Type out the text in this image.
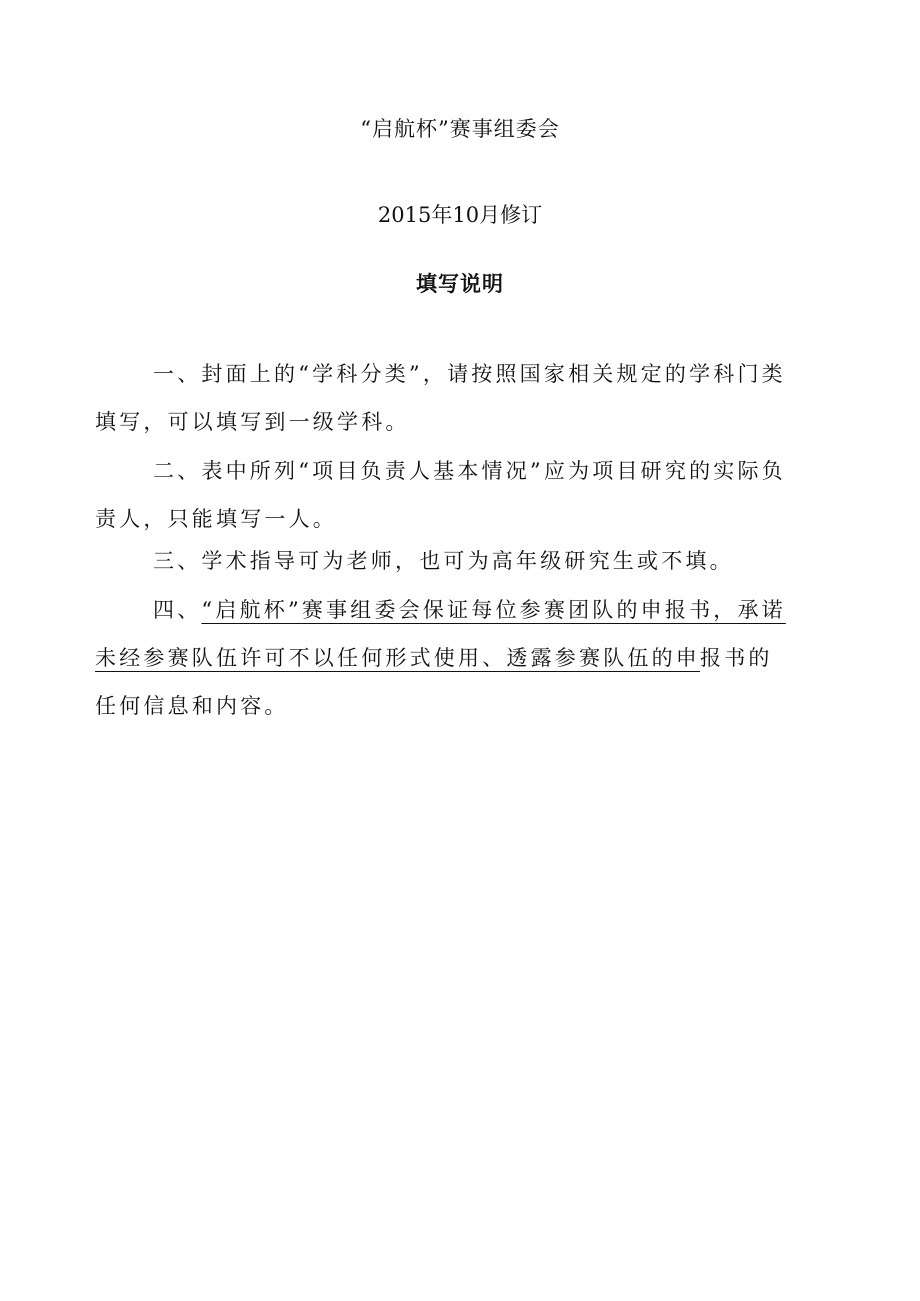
“启航杯”赛事组委会
2015年10月修订
填写说明

一、封面上的“学科分类”，请按照国家相关规定的学科门类填写，可以填写到一级学科。

二、表中所列“项目负责人基本情况”应为项目研究的实际负责人，只能填写一人。

三、学术指导可为老师，也可为高年级研究生或不填。

四、“启航杯”赛事组委会保证每位参赛团队的申报书，承诺未经参赛队伍许可不以任何形式使用、透露参赛队伍的申报书的任何信息和内容。
